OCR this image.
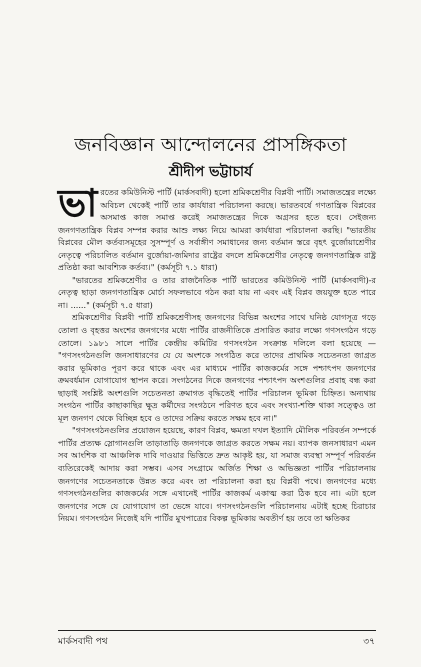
জনবিজ্ঞান আন্দোলনের প্রাসঙ্গিকতা
শ্রীদীপ ভট্টাচার্য

ভা রতের কমিউনিস্ট পার্টি (মার্কসবাদী) হলো শ্রমিকশ্রেণীর বিপ্লবী পার্টি। সমাজতন্ত্রের লক্ষ্যে অবিচল থেকেই পার্টি তার কার্যধারা পরিচালনা করছে। ভারতবর্ষে গণতান্ত্রিক বিপ্লবের অসমাপ্ত কাজ সমাপ্ত করেই সমাজতন্ত্রের দিকে অগ্রসর হতে হবে। সেইজন্য জনগণতান্ত্রিক বিপ্লব সম্পন্ন করার আশু লক্ষ্য নিয়ে আমরা কার্যধারা পরিচালনা করছি। "ভারতীয় বিপ্লবের মৌল কর্তব্যসমূহের সুসম্পূর্ণ ও সর্বাঙ্গীণ সমাধানের জন্য বর্তমান স্তরে বৃহৎ বুর্জোয়াশ্রেণীর নেতৃত্বে পরিচালিত বর্তমান বুর্জোয়া-জমিদার রাষ্ট্রের বদলে শ্রমিকশ্রেণীর নেতৃত্বে জনগণতান্ত্রিক রাষ্ট্র প্রতিষ্ঠা করা আবশ্যিক কর্তব্য।" (কর্মসূচী ৭.১ ধারা)

"ভারতের শ্রমিকশ্রেণীর ও তার রাজনৈতিক পার্টি ভারতের কমিউনিস্ট পার্টি (মার্কসবাদী)-র নেতৃত্ব ছাড়া জনগণতান্ত্রিক মোর্চা সফলভাবে গঠন করা যায় না এবং এই বিপ্লব জয়যুক্ত হতে পারে না। ......" (কর্মসূচী ৭.৫ ধারা)

শ্রমিকশ্রেণীর বিপ্লবী পার্টি শ্রমিকশ্রেণীসহ জনগণের বিভিন্ন অংশের সাথে ঘনিষ্ঠ যোগসূত্র গড়ে তোলা ও বৃহত্তর অংশের জনগণের মধ্যে পার্টির রাজনীতিকে প্রসারিত করার লক্ষ্যে গণসংগঠন গড়ে তোলে। ১৯৮১ সালে পার্টির কেন্দ্রীয় কমিটির গণসংগঠন সংক্রান্ত দলিলে বলা হয়েছে — "গণসংগঠনগুলি জনসাধারণের যে যে অংশকে সংগঠিত করে তাদের প্রাথমিক সচেতনতা জাগ্রত করার ভূমিকাও পূরণ করে থাকে এবং এর মাধ্যমে পার্টির কাজকর্মের সঙ্গে পশ্চাৎপদ জনগণের ক্রমবর্ধমান যোগাযোগ স্থাপন করে। সংগঠনের দিকে জনগণের পশ্চাৎপদ অংশগুলির প্রবাহ বন্ধ করা ছাড়াই সংশ্লিষ্ট অংশগুলি সচেতনতা ক্রমাগত বৃদ্ধিতেই পার্টির পরিচালন ভূমিকা চিহ্নিত। অন্যথায় সংগঠন পার্টির কাছাকাছির ক্ষুদ্র কর্মীদের সংগঠনে পরিণত হবে এবং সংখ্যা-শক্তি থাকা সত্ত্বেও তা মূল জনগণ থেকে বিচ্ছিন্ন হবে ও তাদের সক্রিয় করতে সক্ষম হবে না।"

"গণসংগঠনগুলির প্রয়োজন হয়েছে, কারণ বিপ্লব, ক্ষমতা দখল ইত্যাদি মৌলিক পরিবর্তন সম্পর্কে পার্টির প্রত্যক্ষ স্লোগানগুলি তাড়াতাড়ি জনগণকে জাগ্রত করতে সক্ষম নয়। ব্যাপক জনসাধারণ এমন সব আংশিক বা আঞ্চলিক দাবি দাওয়ার ভিত্তিতে দ্রুত আকৃষ্ট হয়, যা সমাজ ব্যবস্থা সম্পূর্ণ পরিবর্তন ব্যতিরেকেই আদায় করা সম্ভব। এসব সংগ্রামে অর্জিত শিক্ষা ও অভিজ্ঞতা পার্টির পরিচালনায় জনগণের সচেতনতাকে উন্নত করে এবং তা পরিচালনা করা হয় বিপ্লবী পথে। জনগণের মধ্যে গণসংগঠনগুলির কাজকর্মের সঙ্গে এখানেই পার্টির কাজকর্ম একাত্ম করা ঠিক হবে না। এটা হলে জনগণের সঙ্গে যে যোগাযোগ তা ভেঙ্গে যাবে। গণসংগঠনগুলি পরিচালনায় এটাই হচ্ছে চিরাচার নিয়ম। গণসংগঠন নিজেই যদি পার্টির মুখপাত্রের বিকল্প ভূমিকায় অবতীর্ণ হয় তবে তা ক্ষতিকর

মার্কসবাদী পথ	৩৭
